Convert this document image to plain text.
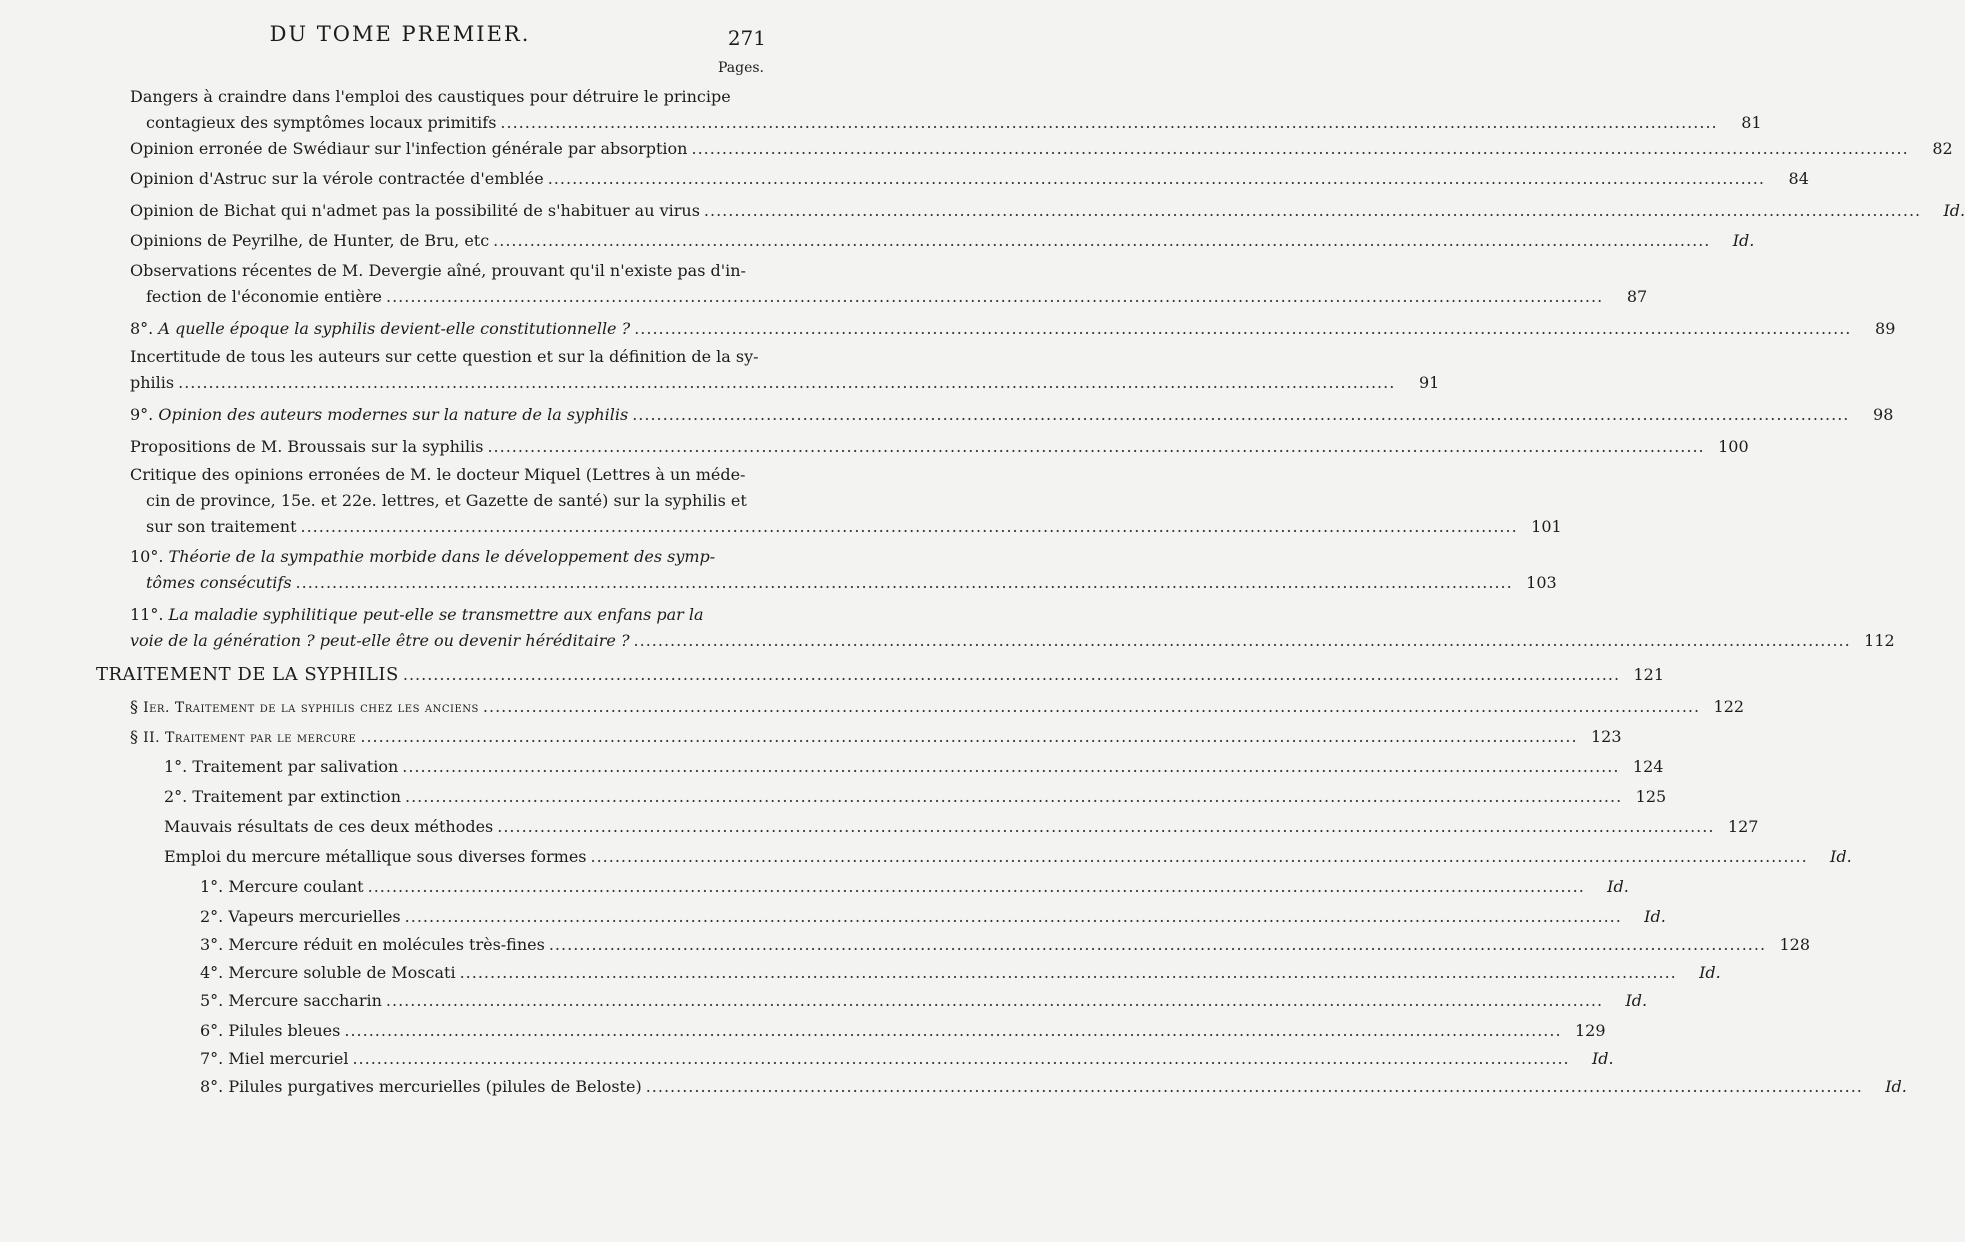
DU TOME PREMIER.	271
Pages.
Dangers à craindre dans l'emploi des caustiques pour détruire le principe
contagieux des symptômes locaux primitifs ........................................................................................................................................................................................................	81
Opinion erronée de Swédiaur sur l'infection générale par absorption ........................................................................................................................................................................................................	82
Opinion d'Astruc sur la vérole contractée d'emblée ........................................................................................................................................................................................................	84
Opinion de Bichat qui n'admet pas la possibilité de s'habituer au virus ........................................................................................................................................................................................................	Id.
Opinions de Peyrilhe, de Hunter, de Bru, etc ........................................................................................................................................................................................................	Id.
Observations récentes de M. Devergie aîné, prouvant qu'il n'existe pas d'in-
fection de l'économie entière ........................................................................................................................................................................................................	87
8°. A quelle époque la syphilis devient-elle constitutionnelle ? ........................................................................................................................................................................................................	89
Incertitude de tous les auteurs sur cette question et sur la définition de la sy-
philis ........................................................................................................................................................................................................	91
9°. Opinion des auteurs modernes sur la nature de la syphilis ........................................................................................................................................................................................................	98
Propositions de M. Broussais sur la syphilis ........................................................................................................................................................................................................ 100
Critique des opinions erronées de M. le docteur Miquel (Lettres à un méde-
cin de province, 15e. et 22e. lettres, et Gazette de santé) sur la syphilis et
sur son traitement ........................................................................................................................................................................................................ 101
10°. Théorie de la sympathie morbide dans le développement des symp-
tômes consécutifs ........................................................................................................................................................................................................ 103
11°. La maladie syphilitique peut-elle se transmettre aux enfans par la
voie de la génération ? peut-elle être ou devenir héréditaire ? ........................................................................................................................................................................................................ 112
TRAITEMENT DE LA SYPHILIS ........................................................................................................................................................................................................ 121
§ Ier. Traitement de la syphilis chez les anciens ........................................................................................................................................................................................................ 122
§ II. Traitement par le mercure ........................................................................................................................................................................................................ 123
1°. Traitement par salivation ........................................................................................................................................................................................................ 124
2°. Traitement par extinction ........................................................................................................................................................................................................ 125
Mauvais résultats de ces deux méthodes ........................................................................................................................................................................................................ 127
Emploi du mercure métallique sous diverses formes ........................................................................................................................................................................................................	Id.
1°. Mercure coulant ........................................................................................................................................................................................................	Id.
2°. Vapeurs mercurielles ........................................................................................................................................................................................................	Id.
3°. Mercure réduit en molécules très-fines ........................................................................................................................................................................................................ 128
4°. Mercure soluble de Moscati ........................................................................................................................................................................................................	Id.
5°. Mercure saccharin ........................................................................................................................................................................................................	Id.
6°. Pilules bleues ........................................................................................................................................................................................................ 129
7°. Miel mercuriel ........................................................................................................................................................................................................	Id.
8°. Pilules purgatives mercurielles (pilules de Beloste) ........................................................................................................................................................................................................	Id.
